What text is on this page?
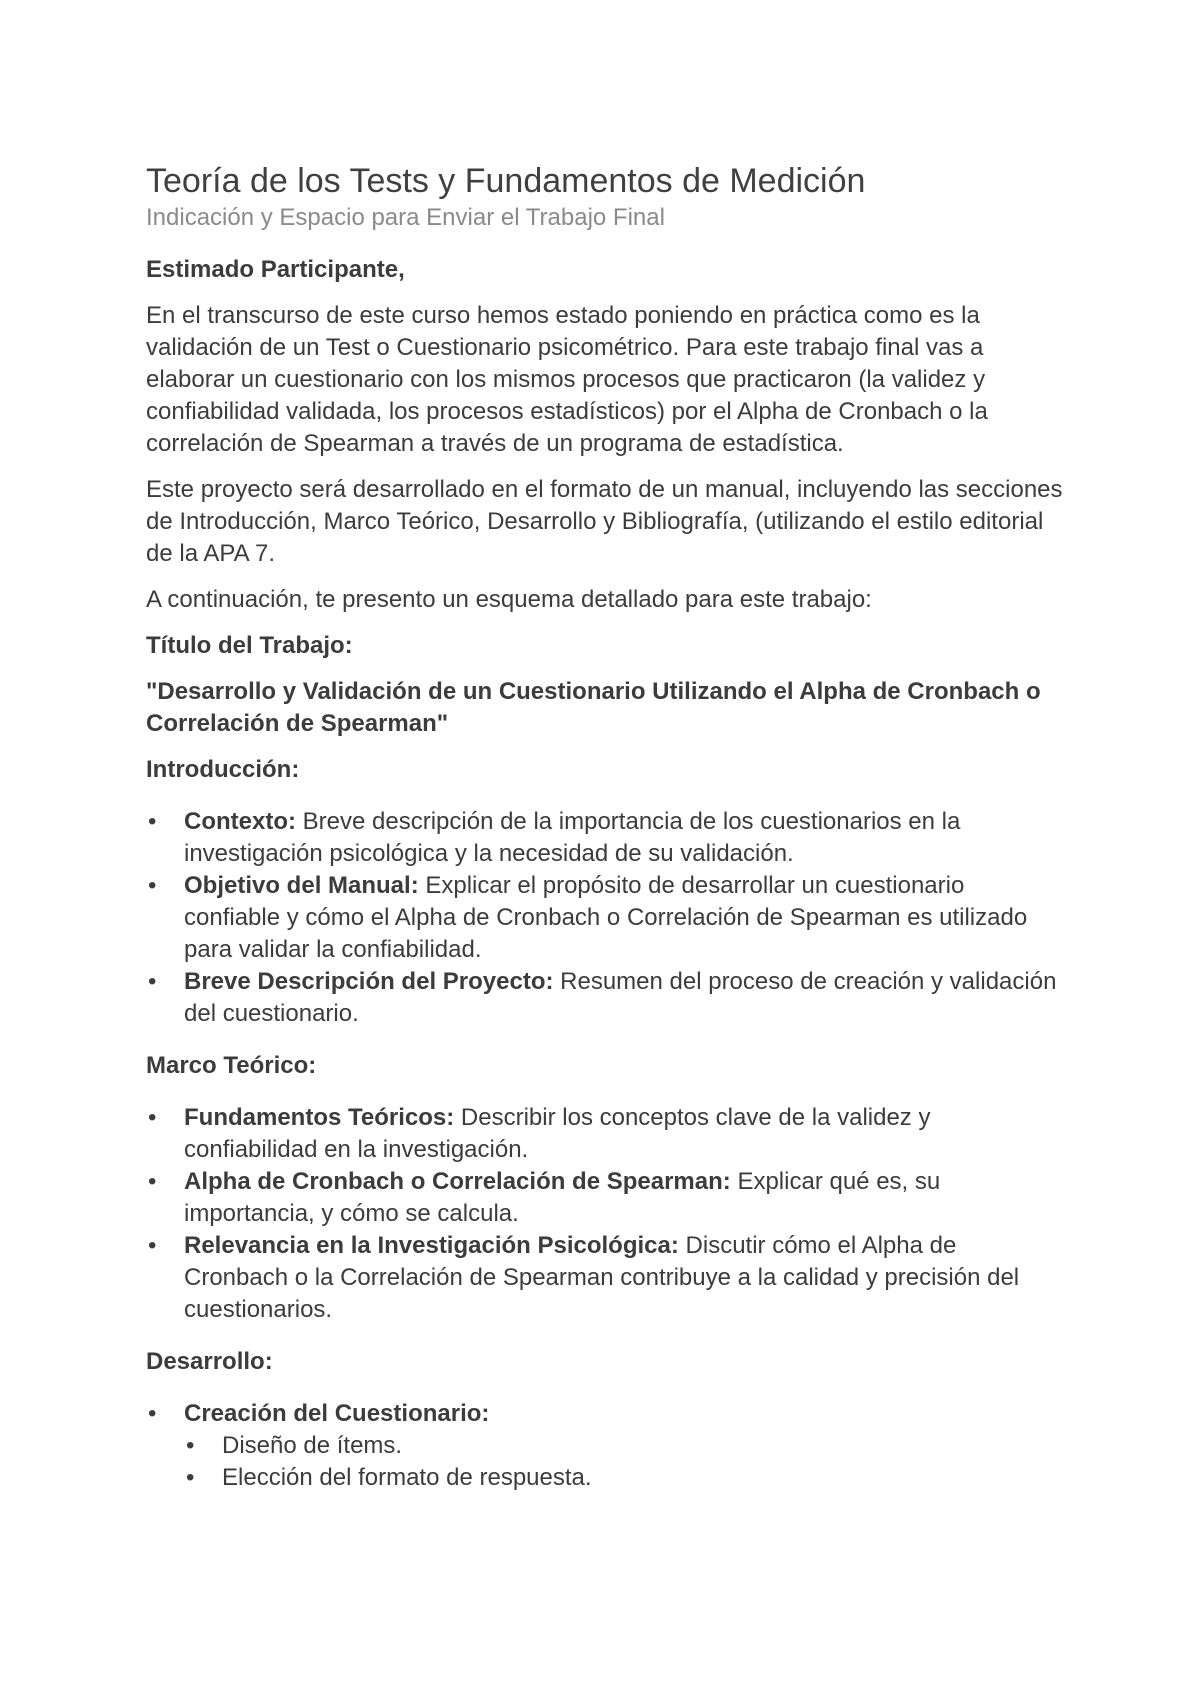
Teoría de los Tests y Fundamentos de Medición
Indicación y Espacio para Enviar el Trabajo Final
Estimado Participante,

En el transcurso de este curso hemos estado poniendo en práctica como es la validación de un Test o Cuestionario psicométrico. Para este trabajo final vas a elaborar un cuestionario con los mismos procesos que practicaron (la validez y confiabilidad validada, los procesos estadísticos) por el Alpha de Cronbach o la correlación de Spearman a través de un programa de estadística.

Este proyecto será desarrollado en el formato de un manual, incluyendo las secciones de Introducción, Marco Teórico, Desarrollo y Bibliografía, (utilizando el estilo editorial de la APA 7.

A continuación, te presento un esquema detallado para este trabajo:

Título del Trabajo:
"Desarrollo y Validación de un Cuestionario Utilizando el Alpha de Cronbach o Correlación de Spearman"
Introducción:
• Contexto: Breve descripción de la importancia de los cuestionarios en la investigación psicológica y la necesidad de su validación.
• Objetivo del Manual: Explicar el propósito de desarrollar un cuestionario confiable y cómo el Alpha de Cronbach o Correlación de Spearman es utilizado para validar la confiabilidad.
• Breve Descripción del Proyecto: Resumen del proceso de creación y validación del cuestionario.
Marco Teórico:
• Fundamentos Teóricos: Describir los conceptos clave de la validez y confiabilidad en la investigación.
• Alpha de Cronbach o Correlación de Spearman: Explicar qué es, su importancia, y cómo se calcula.
• Relevancia en la Investigación Psicológica: Discutir cómo el Alpha de Cronbach o la Correlación de Spearman contribuye a la calidad y precisión del cuestionarios.
Desarrollo:
• Creación del Cuestionario:
• Diseño de ítems.
• Elección del formato de respuesta.
